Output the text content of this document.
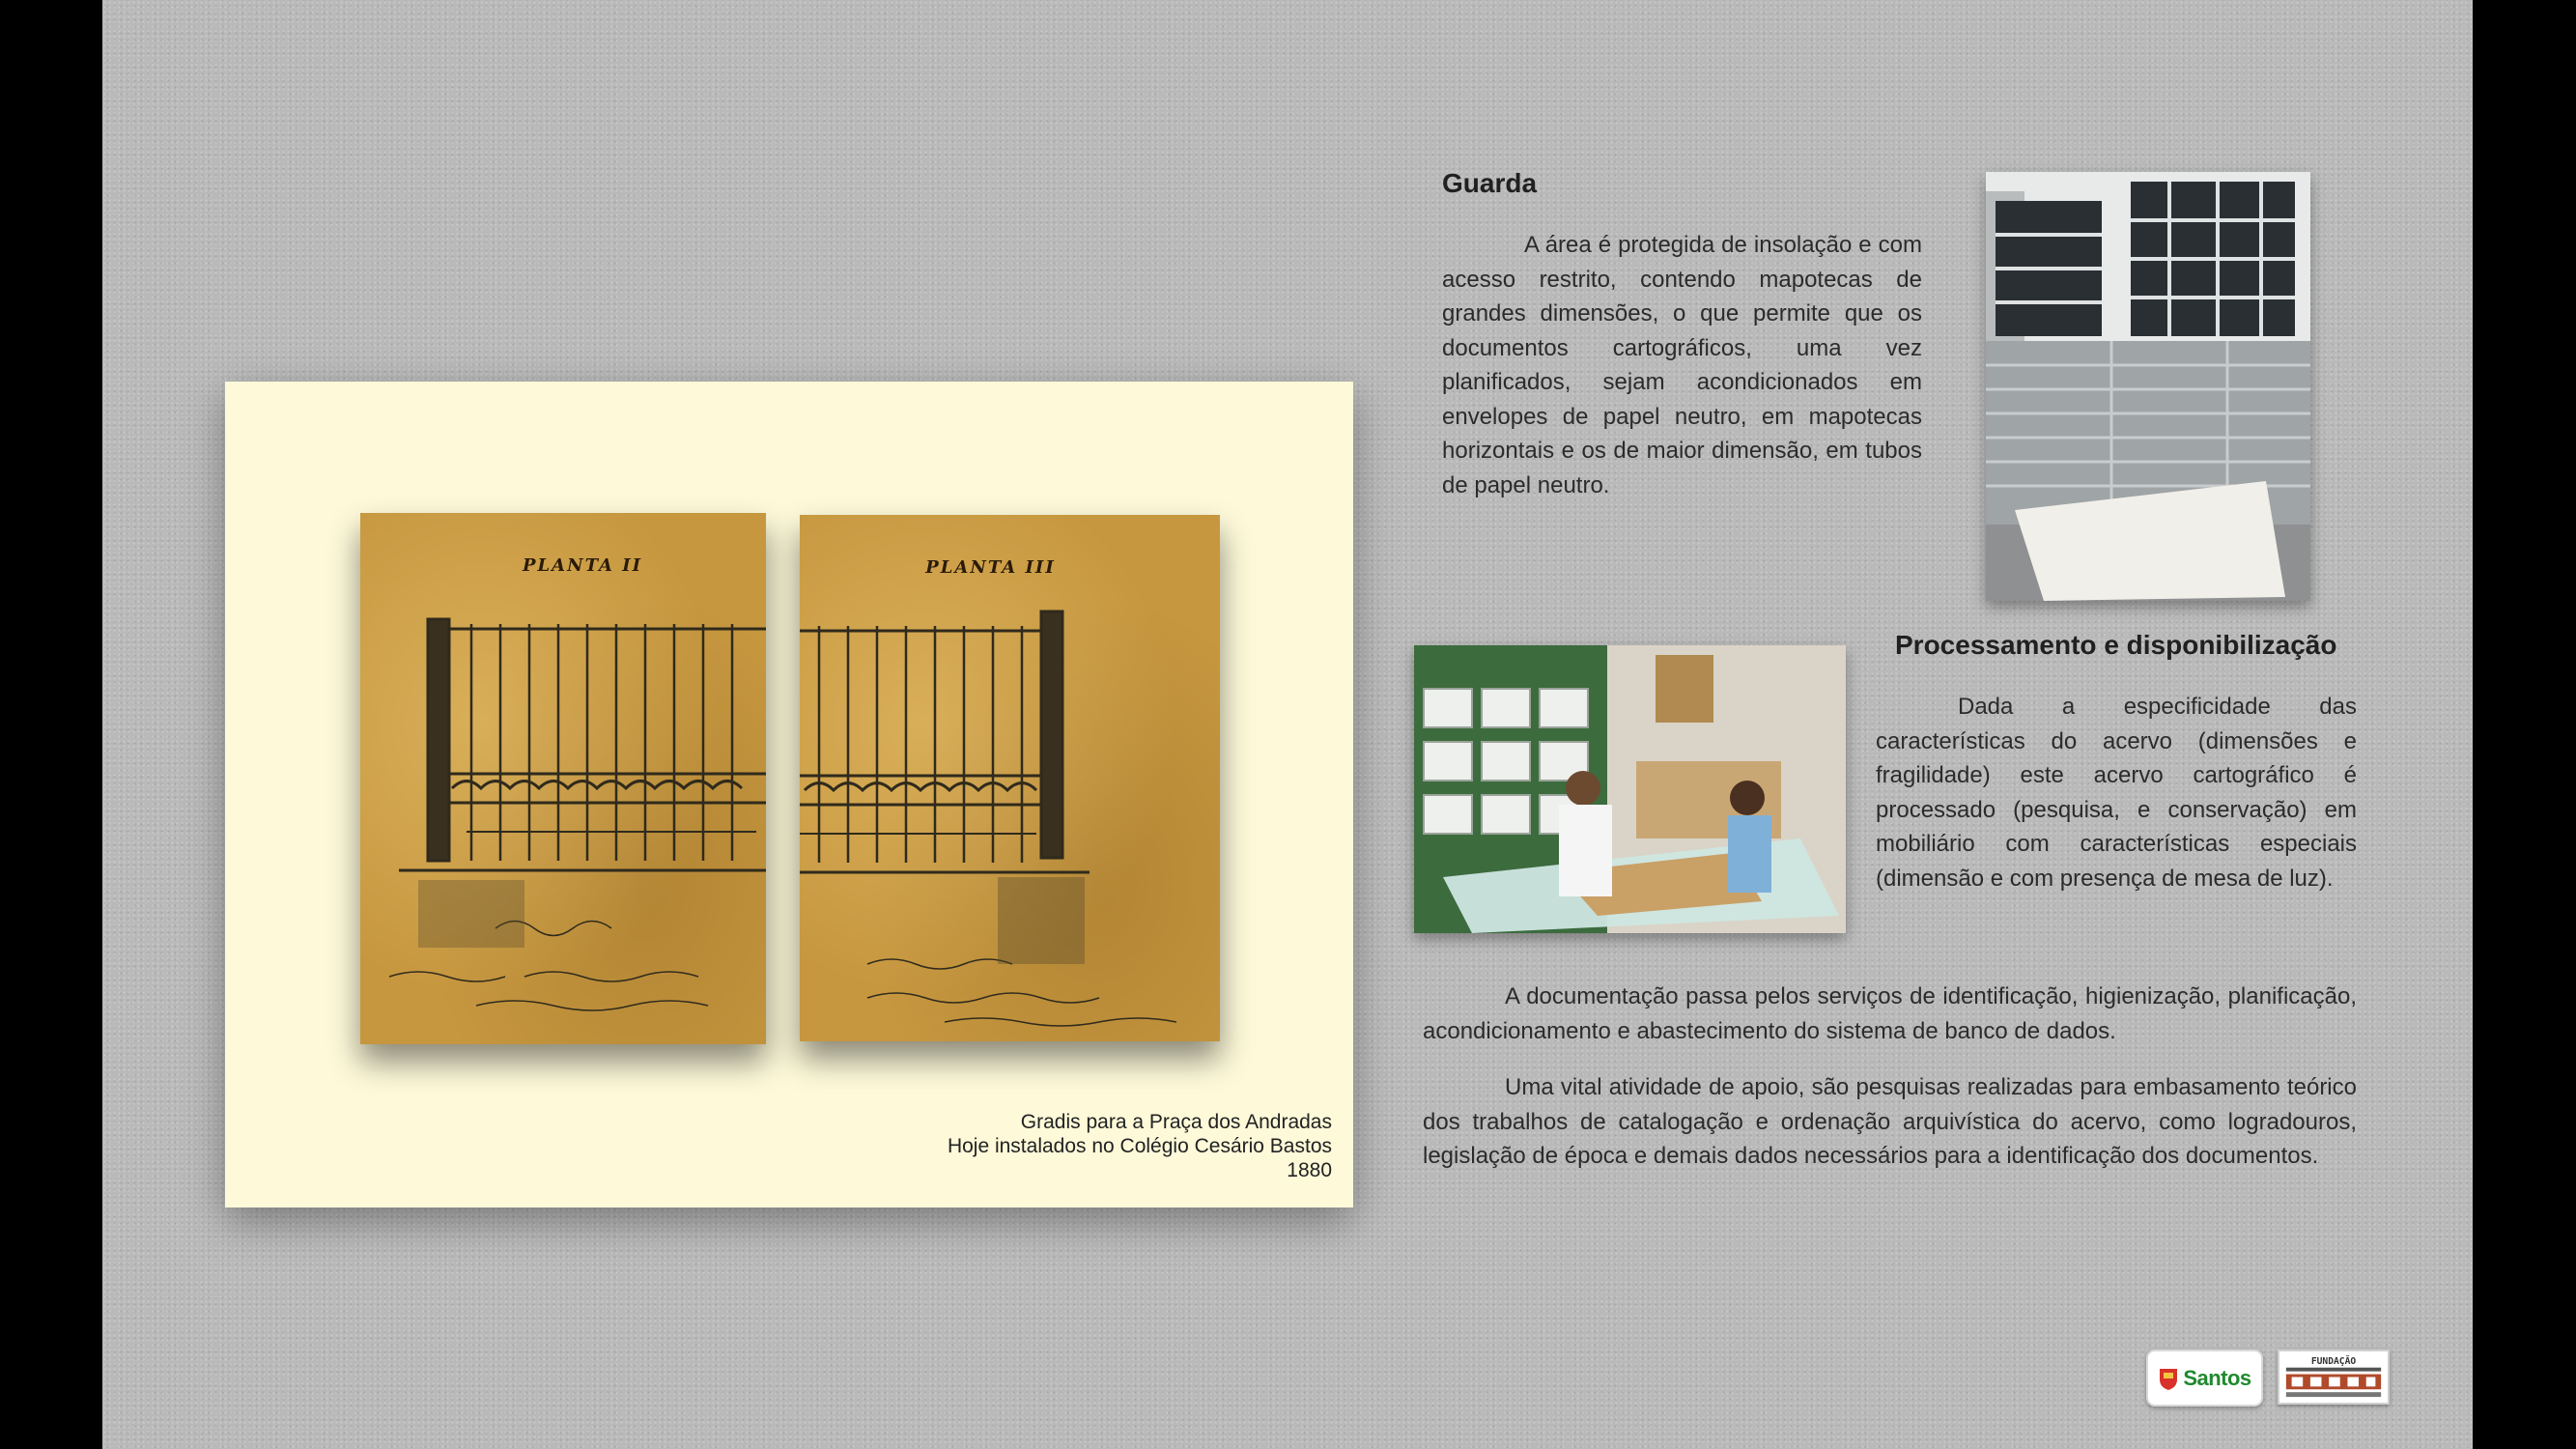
PLANTA II	PLANTA III
Gradis para a Praça dos Andradas
Hoje instalados no Colégio Cesário Bastos
1880
Guarda

A área é protegida de insolação e com acesso restrito, contendo mapotecas de grandes dimensões, o que permite que os documentos cartográficos, uma vez planificados, sejam acondicionados em envelopes de papel neutro, em mapotecas horizontais e os de maior dimensão, em tubos de papel neutro.

Processamento e disponibilização

Dada a especificidade das características do acervo (dimensões e fragilidade) este acervo cartográfico é processado (pesquisa, e conservação) em mobiliário com características especiais (dimensão e com presença de mesa de luz).

A documentação passa pelos serviços de identificação, higienização, planificação, acondicionamento e abastecimento do sistema de banco de dados.

Uma vital atividade de apoio, são pesquisas realizadas para embasamento teórico dos trabalhos de catalogação e ordenação arquivística do acervo, como logradouros, legislação de época e demais dados necessários para a identificação dos documentos.

Santos
FUNDAÇÃO
